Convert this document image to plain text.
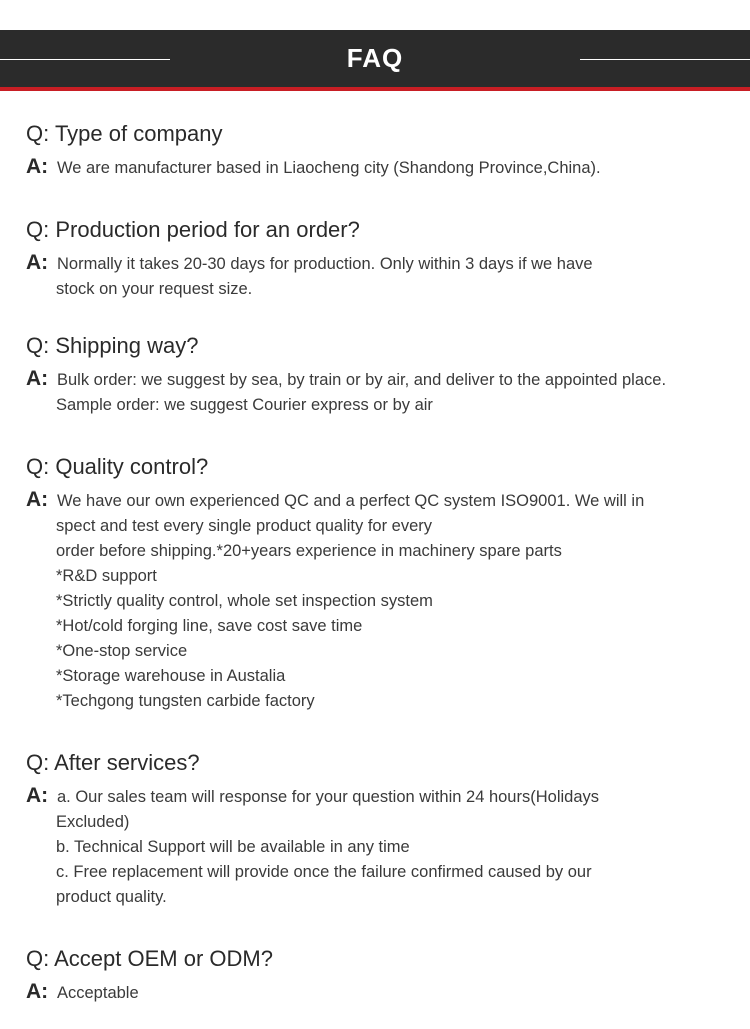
FAQ
Q: Type of company
A: We are manufacturer based in Liaocheng city (Shandong Province,China).
Q: Production period for an order?
A: Normally it takes 20-30 days for production. Only within 3 days if we have
stock on your request size.
Q: Shipping way?
A: Bulk order: we suggest by sea, by train or by air, and deliver to the appointed place.
Sample order: we suggest Courier express or by air
Q: Quality control?
A: We have our own experienced QC and a perfect QC system ISO9001. We will in
spect and test every single product quality for every
order before shipping.*20+years experience in machinery spare parts
*R&D support
*Strictly quality control, whole set inspection system
*Hot/cold forging line, save cost save time
*One-stop service
*Storage warehouse in Austalia
*Techgong tungsten carbide factory
Q: After services?
A: a. Our sales team will response for your question within 24 hours(Holidays
Excluded)
b. Technical Support will be available in any time
c. Free replacement will provide once the failure confirmed caused by our
product quality.
Q: Accept OEM or ODM?
A: Acceptable
